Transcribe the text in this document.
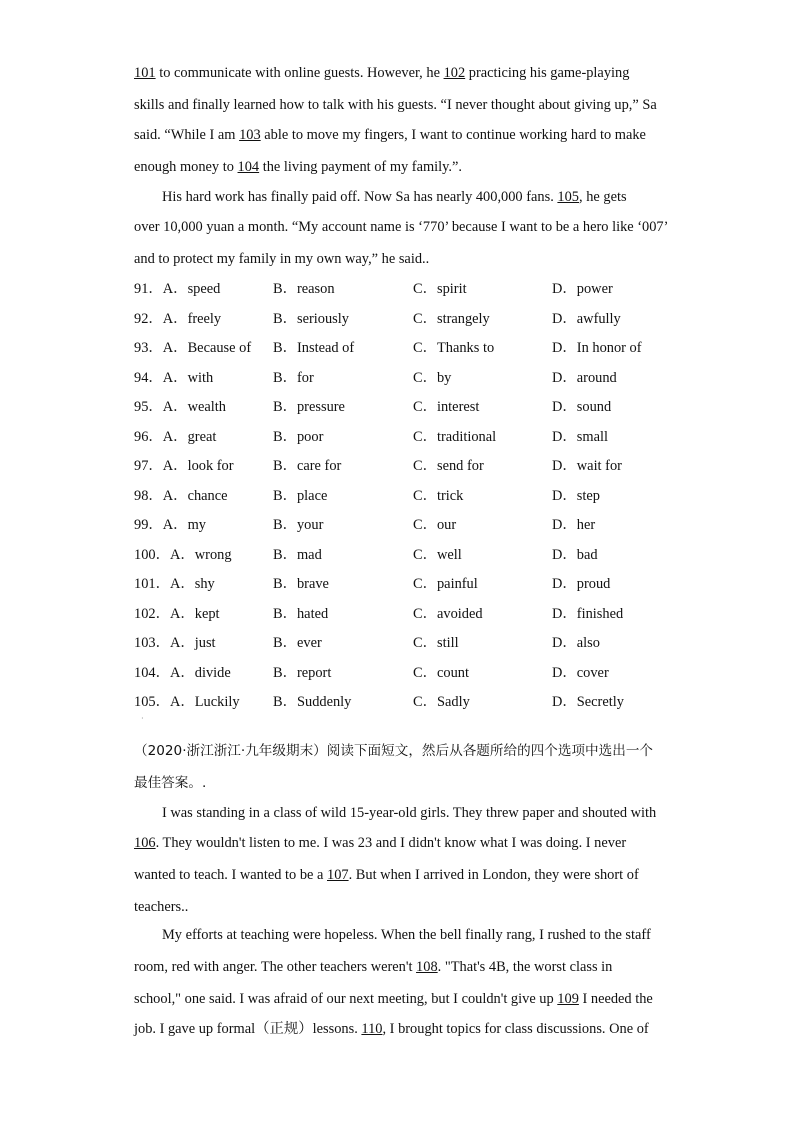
101 to communicate with online guests. However, he 102 practicing his game-playing
skills and finally learned how to talk with his guests. “I never thought about giving up,” Sa
said. “While I am 103 able to move my fingers, I want to continue working hard to make
enough money to 104 the living payment of my family.”.
His hard work has finally paid off. Now Sa has nearly 400,000 fans. 105, he gets
over 10,000 yuan a month. “My account name is ‘770’ because I want to be a hero like ‘007’
and to protect my family in my own way,” he said..
91．A．speed	B．reason	C．spirit	D．power
92．A．freely	B．seriously	C．strangely	D．awfully
93．A．Because of B．Instead of	C．Thanks to	D．In honor of
94．A．with	B．for	C．by	D．around
95．A．wealth	B．pressure	C．interest	D．sound
96．A．great	B．poor	C．traditional	D．small
97．A．look for	B．care for	C．send for	D．wait for
98．A．chance	B．place	C．trick	D．step
99．A．my	B．your	C．our	D．her
100．A．wrong	B．mad	C．well	D．bad
101．A．shy	B．brave	C．painful	D．proud
102．A．kept	B．hated	C．avoided	D．finished
103．A．just	B．ever	C．still	D．also
104．A．divide	B．report	C．count	D．cover
105．A．Luckily B．Suddenly	C．Sadly	D．Secretly
·
（2020·浙江浙江·九年级期末）阅读下面短文，然后从各题所给的四个选项中选出一个
最佳答案。.
I was standing in a class of wild 15-year-old girls. They threw paper and shouted with
106. They wouldn't listen to me. I was 23 and I didn't know what I was doing. I never
wanted to teach. I wanted to be a 107. But when I arrived in London, they were short of
teachers..
My efforts at teaching were hopeless. When the bell finally rang, I rushed to the staff
room, red with anger. The other teachers weren't 108. "That's 4B, the worst class in
school," one said. I was afraid of our next meeting, but I couldn't give up 109 I needed the
job. I gave up formal（正规）lessons. 110, I brought topics for class discussions. One of
